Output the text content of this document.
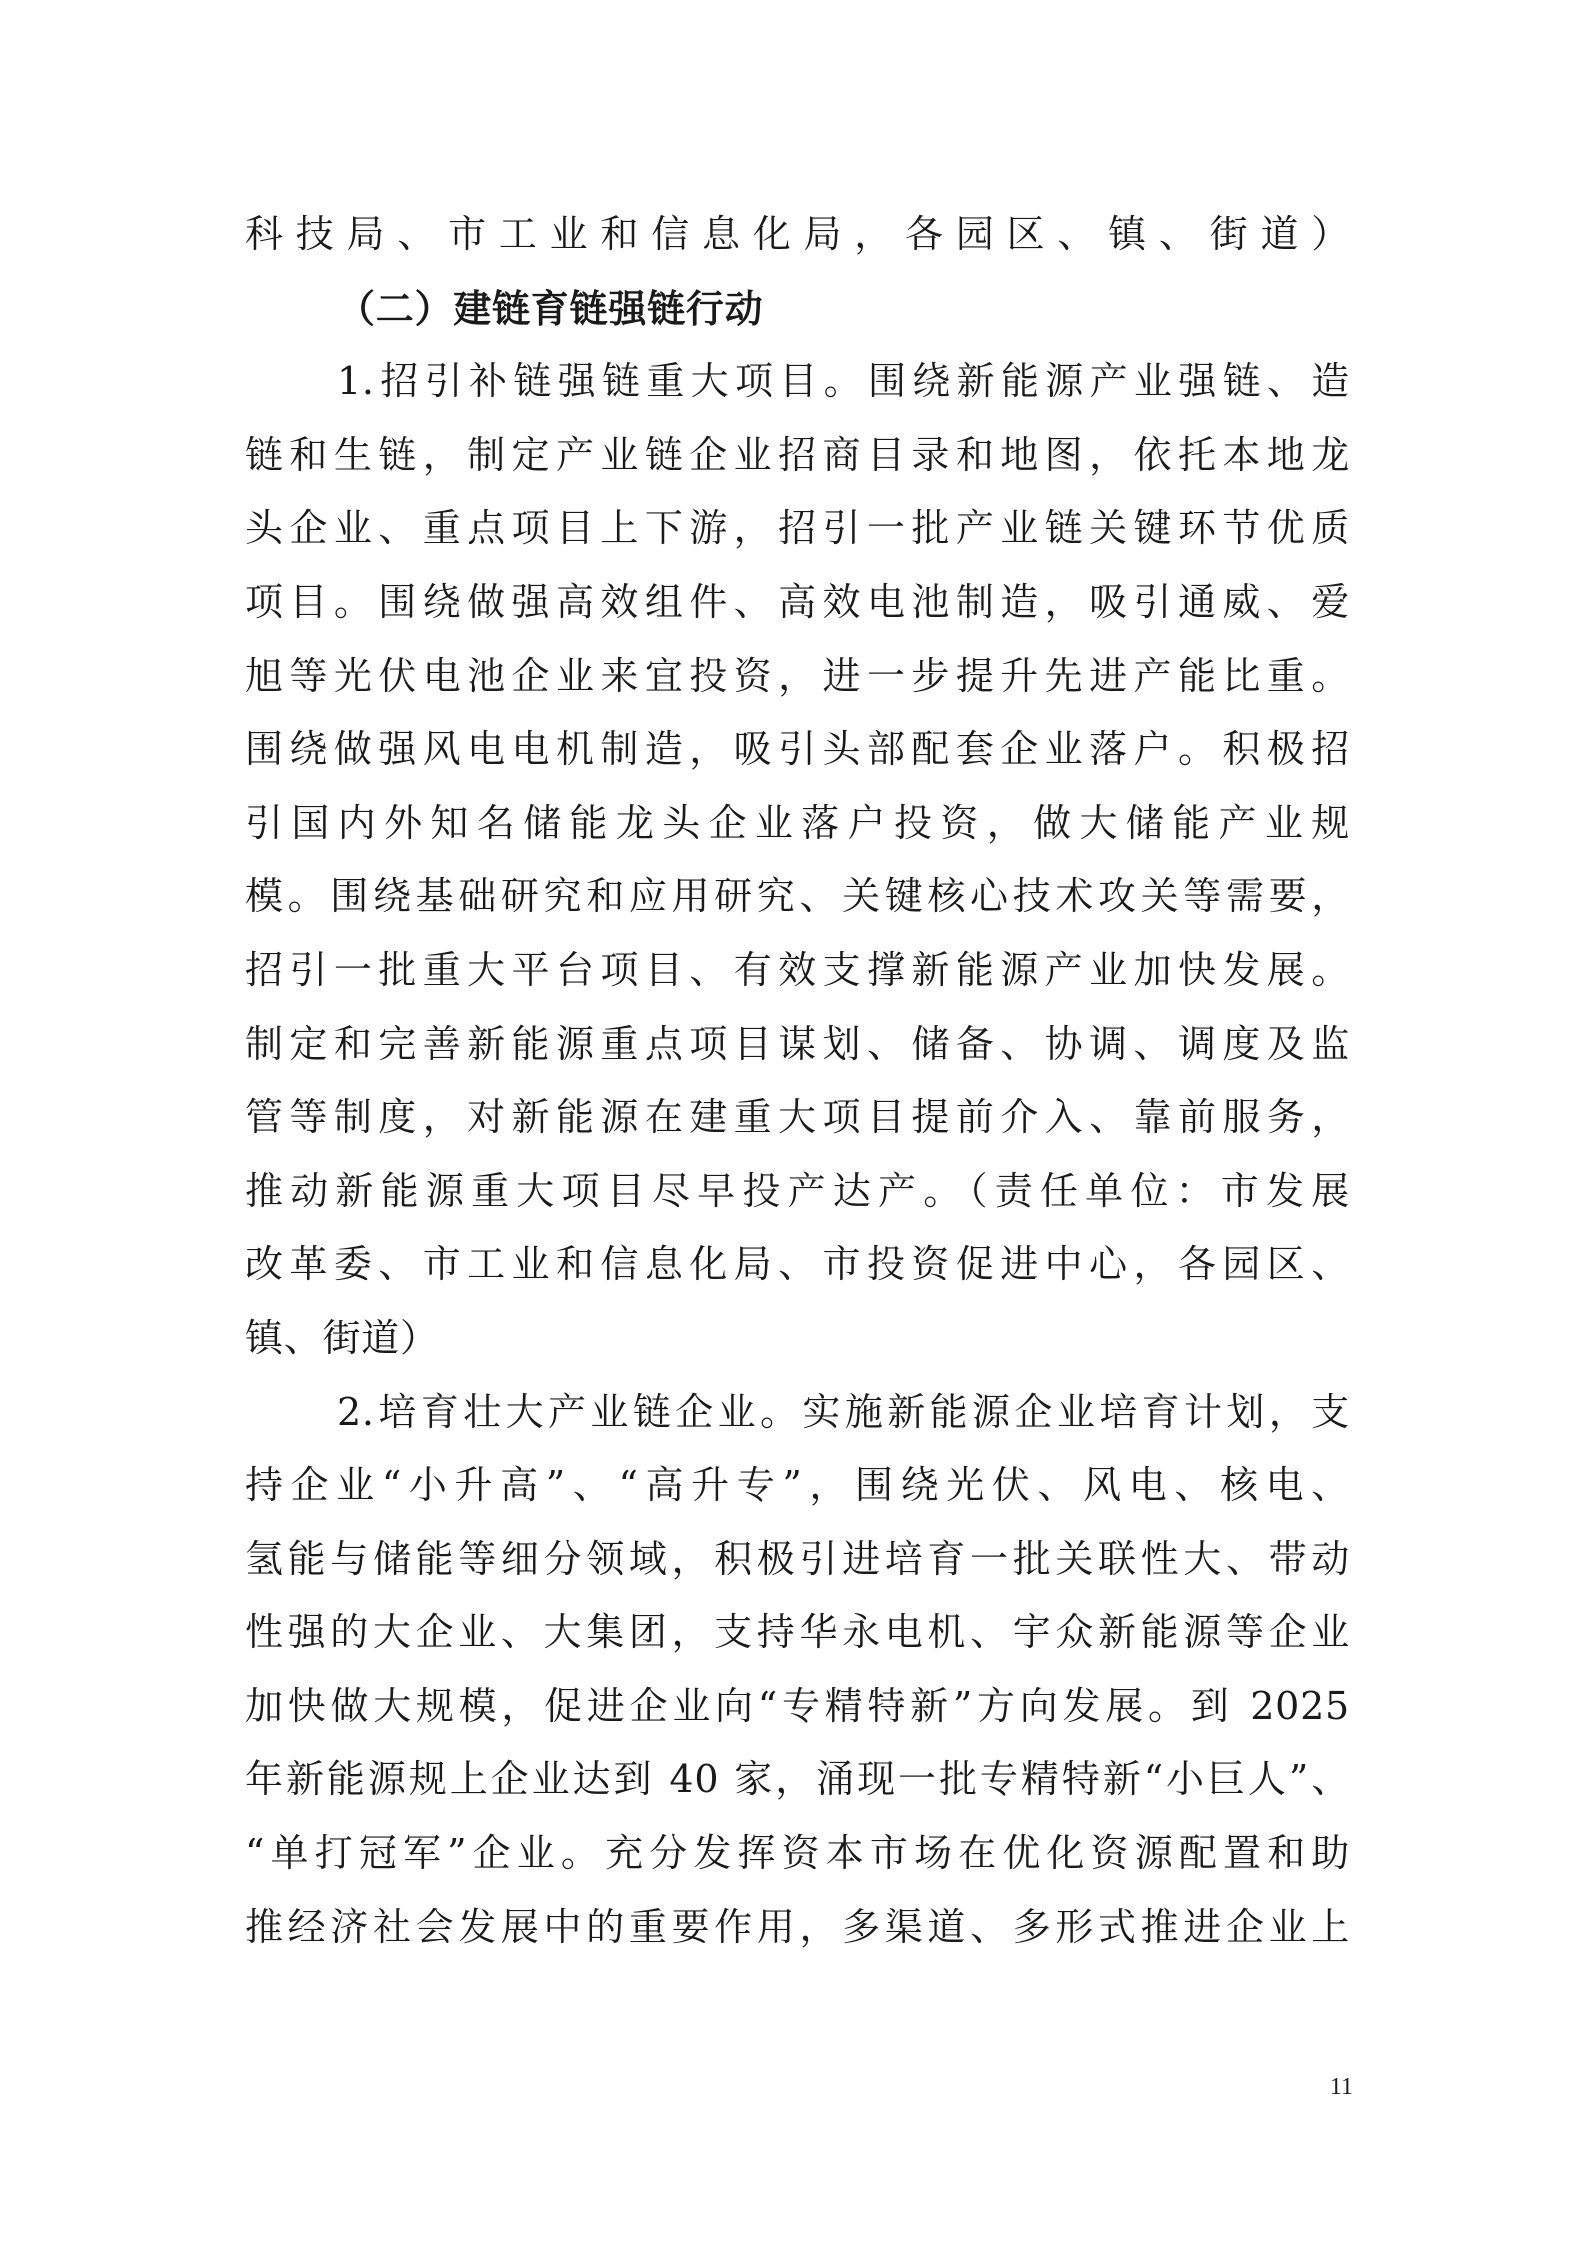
科技局、市工业和信息化局，各园区、镇、街道）
（二）建链育链强链行动
1.招引补链强链重大项目。围绕新能源产业强链、造
链和生链，制定产业链企业招商目录和地图，依托本地龙
头企业、重点项目上下游，招引一批产业链关键环节优质
项目。围绕做强高效组件、高效电池制造，吸引通威、爱
旭等光伏电池企业来宜投资，进一步提升先进产能比重。
围绕做强风电电机制造，吸引头部配套企业落户。积极招
引国内外知名储能龙头企业落户投资，做大储能产业规
模。围绕基础研究和应用研究、关键核心技术攻关等需要，
招引一批重大平台项目、有效支撑新能源产业加快发展。
制定和完善新能源重点项目谋划、储备、协调、调度及监
管等制度，对新能源在建重大项目提前介入、靠前服务，
推动新能源重大项目尽早投产达产。（责任单位：市发展
改革委、市工业和信息化局、市投资促进中心，各园区、
镇、街道）
2.培育壮大产业链企业。实施新能源企业培育计划，支
持企业“小升高”、“高升专”，围绕光伏、风电、核电、
氢能与储能等细分领域，积极引进培育一批关联性大、带动
性强的大企业、大集团，支持华永电机、宇众新能源等企业
加快做大规模，促进企业向“专精特新”方向发展。到 2025
年新能源规上企业达到 40 家，涌现一批专精特新“小巨人”、
“单打冠军”企业。充分发挥资本市场在优化资源配置和助
推经济社会发展中的重要作用，多渠道、多形式推进企业上
11
